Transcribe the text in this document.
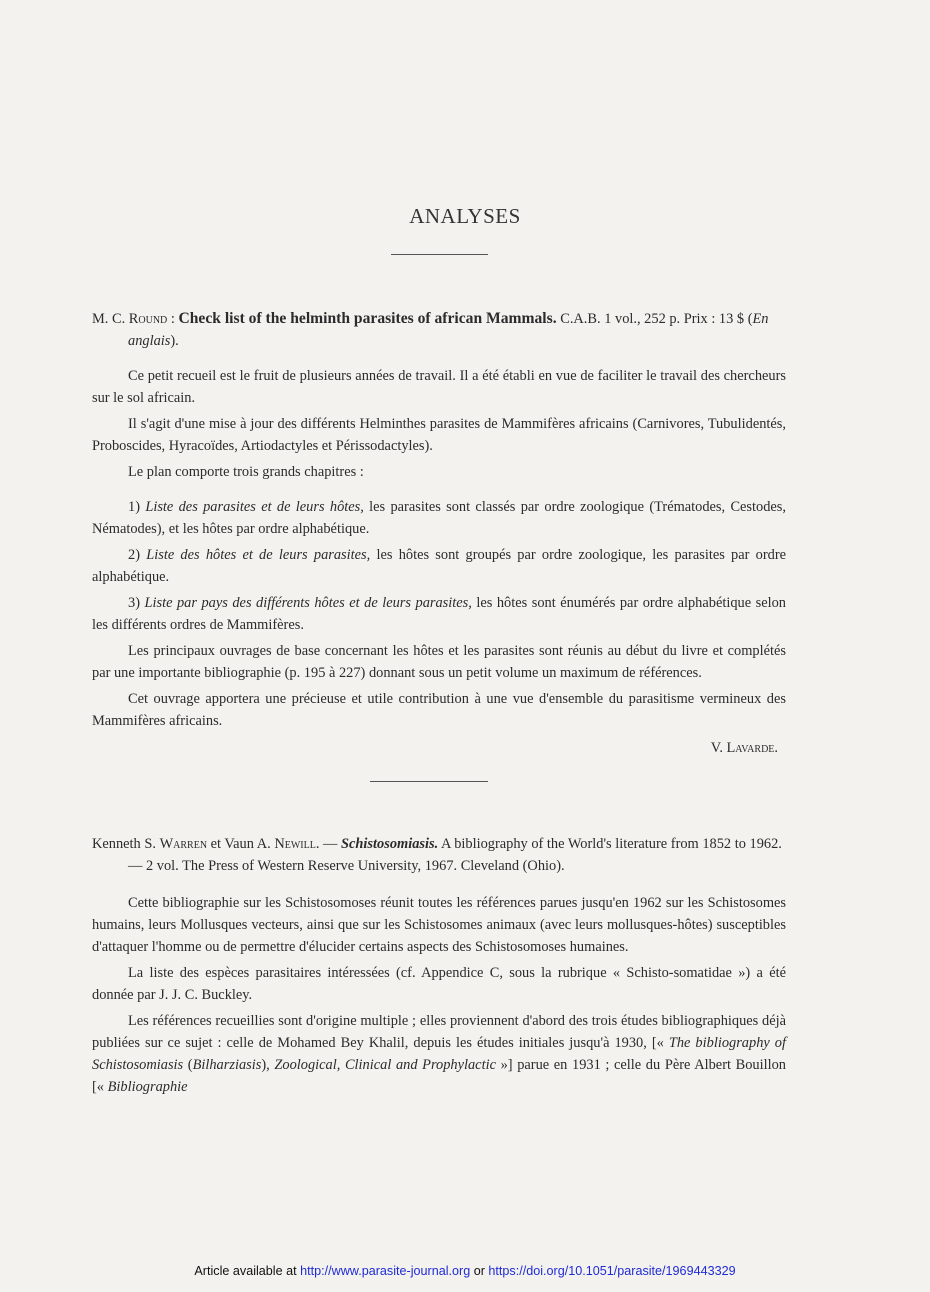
ANALYSES
M. C. Round : Check list of the helminth parasites of african Mammals. C.A.B. 1 vol., 252 p. Prix : 13 $ (En anglais).

Ce petit recueil est le fruit de plusieurs années de travail. Il a été établi en vue de faciliter le travail des chercheurs sur le sol africain.

Il s'agit d'une mise à jour des différents Helminthes parasites de Mammifères africains (Carnivores, Tubulidentés, Proboscides, Hyracoïdes, Artiodactyles et Périssodactyles).

Le plan comporte trois grands chapitres :

1) Liste des parasites et de leurs hôtes, les parasites sont classés par ordre zoologique (Trématodes, Cestodes, Nématodes), et les hôtes par ordre alphabétique.

2) Liste des hôtes et de leurs parasites, les hôtes sont groupés par ordre zoologique, les parasites par ordre alphabétique.

3) Liste par pays des différents hôtes et de leurs parasites, les hôtes sont énumérés par ordre alphabétique selon les différents ordres de Mammifères.

Les principaux ouvrages de base concernant les hôtes et les parasites sont réunis au début du livre et complétés par une importante bibliographie (p. 195 à 227) donnant sous un petit volume un maximum de références.

Cet ouvrage apportera une précieuse et utile contribution à une vue d'ensemble du parasitisme vermineux des Mammifères africains.

V. Lavarde.
Kenneth S. Warren et Vaun A. Newill. — Schistosomiasis. A bibliography of the World's literature from 1852 to 1962. — 2 vol. The Press of Western Reserve University, 1967. Cleveland (Ohio).

Cette bibliographie sur les Schistosomoses réunit toutes les références parues jusqu'en 1962 sur les Schistosomes humains, leurs Mollusques vecteurs, ainsi que sur les Schistosomes animaux (avec leurs mollusques-hôtes) susceptibles d'attaquer l'homme ou de permettre d'élucider certains aspects des Schistosomoses humaines.

La liste des espèces parasitaires intéressées (cf. Appendice C, sous la rubrique « Schisto-somatidae ») a été donnée par J. J. C. Buckley.

Les références recueillies sont d'origine multiple ; elles proviennent d'abord des trois études bibliographiques déjà publiées sur ce sujet : celle de Mohamed Bey Khalil, depuis les études initiales jusqu'à 1930, [« The bibliography of Schistosomiasis (Bilharziasis), Zoological, Clinical and Prophylactic »] parue en 1931 ; celle du Père Albert Bouillon [« Bibliographie

Article available at http://www.parasite-journal.org or https://doi.org/10.1051/parasite/1969443329
